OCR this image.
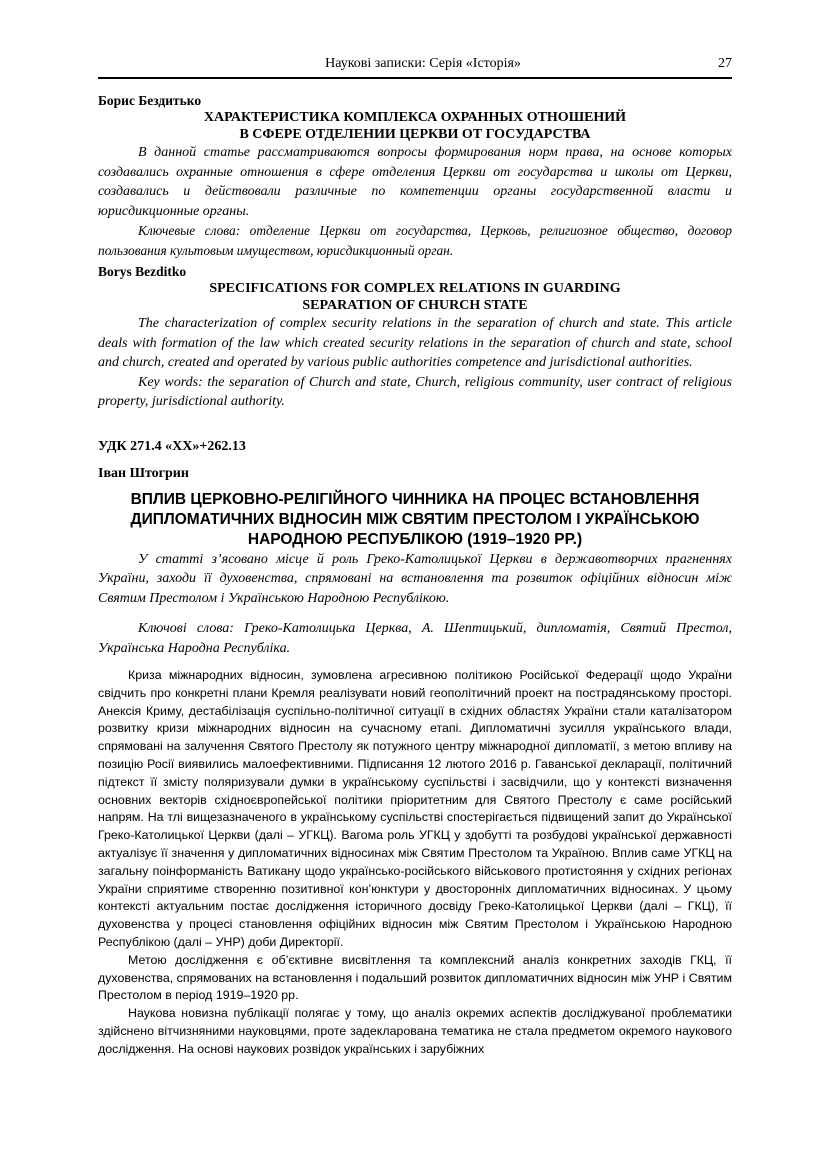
Наукові записки: Серія «Історія»	27
Борис Бездитько
ХАРАКТЕРИСТИКА КОМПЛЕКСА ОХРАННЫХ ОТНОШЕНИЙ
В СФЕРЕ ОТДЕЛЕНИИ ЦЕРКВИ ОТ ГОСУДАРСТВА

В данной статье рассматриваются вопросы формирования норм права, на основе которых создавались охранные отношения в сфере отделения Церкви от государства и школы от Церкви, создавались и действовали различные по компетенции органы государственной власти и юрисдикционные органы.

Ключевые слова: отделение Церкви от государства, Церковь, религиозное общество, договор пользования культовым имуществом, юрисдикционный орган.

Borys Bezditko
SPECIFICATIONS FOR COMPLEX RELATIONS IN GUARDING
SEPARATION OF CHURCH STATE

The characterization of complex security relations in the separation of church and state. This article deals with formation of the law which created security relations in the separation of church and state, school and church, created and operated by various public authorities competence and jurisdictional authorities.

Key words: the separation of Church and state, Church, religious community, user contract of religious property, jurisdictional authority.

УДК 271.4 «ХХ»+262.13
Іван Штогрин
ВПЛИВ ЦЕРКОВНО-РЕЛІГІЙНОГО ЧИННИКА НА ПРОЦЕС ВСТАНОВЛЕННЯ
ДИПЛОМАТИЧНИХ ВІДНОСИН МІЖ СВЯТИМ ПРЕСТОЛОМ І УКРАЇНСЬКОЮ
НАРОДНОЮ РЕСПУБЛІКОЮ (1919–1920 РР.)

У статті з’ясовано місце й роль Греко-Католицької Церкви в державотворчих прагненнях України, заходи її духовенства, спрямовані на встановлення та розвиток офіційних відносин між Святим Престолом і Українською Народною Республікою.

Ключові слова: Греко-Католицька Церква, А. Шептицький, дипломатія, Святий Престол, Українська Народна Республіка.

Криза міжнародних відносин, зумовлена агресивною політикою Російської Федерації щодо України свідчить про конкретні плани Кремля реалізувати новий геополітичний проект на пострадянському просторі. Анексія Криму, дестабілізація суспільно-політичної ситуації в східних областях України стали каталізатором розвитку кризи міжнародних відносин на сучасному етапі. Дипломатичні зусилля українського влади, спрямовані на залучення Святого Престолу як потужного центру міжнародної дипломатії, з метою впливу на позицію Росії виявились малоефективними. Підписання 12 лютого 2016 р. Гаванської декларації, політичний підтекст її змісту поляризували думки в українському суспільстві і засвідчили, що у контексті визначення основних векторів східноєвропейської політики пріоритетним для Святого Престолу є саме російський напрям. На тлі вищезазначеного в українському суспільстві спостерігається підвищений запит до Української Греко-Католицької Церкви (далі – УГКЦ). Вагома роль УГКЦ у здобутті та розбудові української державності актуалізує її значення у дипломатичних відносинах між Святим Престолом та Україною. Вплив саме УГКЦ на загальну поінформаність Ватикану щодо українсько-російського військового протистояння у східних регіонах України сприятиме створенню позитивної кон’юнктури у двосторонніх дипломатичних відносинах. У цьому контексті актуальним постає дослідження історичного досвіду Греко-Католицької Церкви (далі – ГКЦ), її духовенства у процесі становлення офіційних відносин між Святим Престолом і Українською Народною Республікою (далі – УНР) доби Директорії.

Метою дослідження є об’єктивне висвітлення та комплексний аналіз конкретних заходів ГКЦ, її духовенства, спрямованих на встановлення і подальший розвиток дипломатичних відносин між УНР і Святим Престолом в період 1919–1920 рр.

Наукова новизна публікації полягає у тому, що аналіз окремих аспектів досліджуваної проблематики здійснено вітчизняними науковцями, проте задекларована тематика не стала предметом окремого наукового дослідження. На основі наукових розвідок українських і зарубіжних
